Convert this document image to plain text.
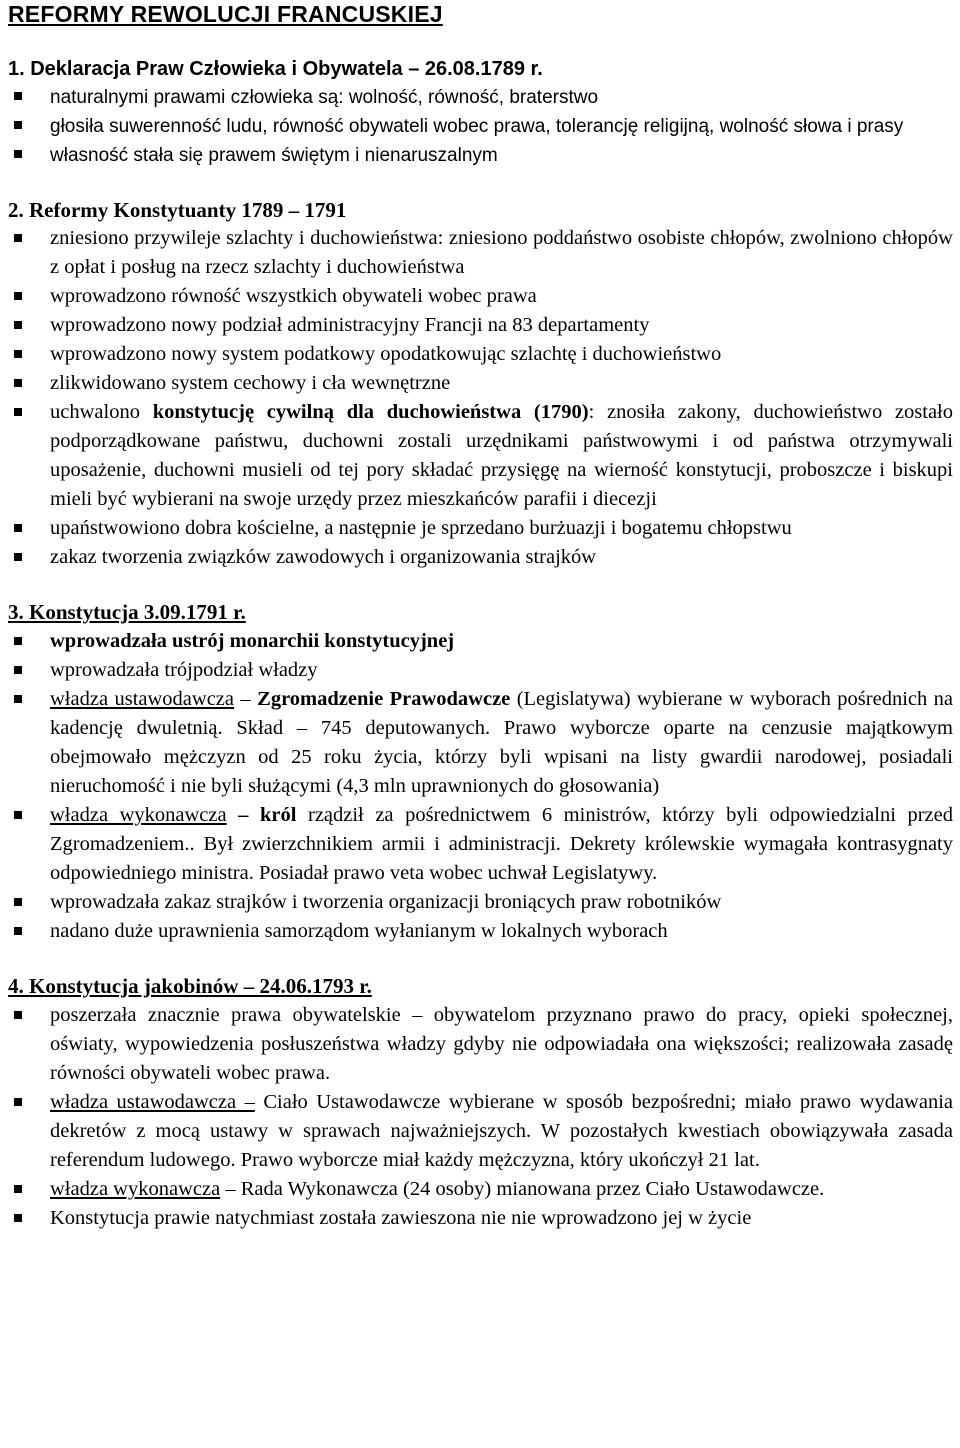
REFORMY REWOLUCJI FRANCUSKIEJ
1. Deklaracja Praw Człowieka i Obywatela – 26.08.1789 r.
naturalnymi prawami człowieka są: wolność, równość, braterstwo
głosiła suwerenność ludu, równość obywateli wobec prawa, tolerancję religijną, wolność słowa i prasy
własność stała się prawem świętym i nienaruszalnym
2. Reformy Konstytuanty 1789 – 1791
zniesiono przywileje szlachty i duchowieństwa: zniesiono poddaństwo osobiste chłopów, zwolniono chłopów z opłat i posług na rzecz szlachty i duchowieństwa
wprowadzono równość wszystkich obywateli wobec prawa
wprowadzono nowy podział administracyjny Francji na 83 departamenty
wprowadzono nowy system podatkowy opodatkowując szlachtę i duchowieństwo
zlikwidowano system cechowy i cła wewnętrzne
uchwalono konstytucję cywilną dla duchowieństwa (1790): znosiła zakony, duchowieństwo zostało podporządkowane państwu, duchowni zostali urzędnikami państwowymi i od państwa otrzymywali uposażenie, duchowni musieli od tej pory składać przysięgę na wierność konstytucji, proboszcze i biskupi mieli być wybierani na swoje urzędy przez mieszkańców parafii i diecezji
upaństwowiono dobra kościelne, a następnie je sprzedano burżuazji i bogatemu chłopstwu
zakaz tworzenia związków zawodowych i organizowania strajków
3. Konstytucja 3.09.1791 r.
wprowadzała ustrój monarchii konstytucyjnej
wprowadzała trójpodział władzy
władza ustawodawcza – Zgromadzenie Prawodawcze (Legislatywa) wybierane w wyborach pośrednich na kadencję dwuletnią. Skład – 745 deputowanych. Prawo wyborcze oparte na cenzusie majątkowym obejmowało mężczyzn od 25 roku życia, którzy byli wpisani na listy gwardii narodowej, posiadali nieruchomość i nie byli służącymi (4,3 mln uprawnionych do głosowania)
władza wykonawcza – król rządził za pośrednictwem 6 ministrów, którzy byli odpowiedzialni przed Zgromadzeniem.. Był zwierzchnikiem armii i administracji. Dekrety królewskie wymagała kontrasygnaty odpowiedniego ministra. Posiadał prawo veta wobec uchwał Legislatywy.
wprowadzała zakaz strajków i tworzenia organizacji broniących praw robotników
nadano duże uprawnienia samorządom wyłanianym w lokalnych wyborach
4. Konstytucja jakobinów – 24.06.1793 r.
poszerzała znacznie prawa obywatelskie – obywatelom przyznano prawo do pracy, opieki społecznej, oświaty, wypowiedzenia posłuszeństwa władzy gdyby nie odpowiadała ona większości; realizowała zasadę równości obywateli wobec prawa.
władza ustawodawcza – Ciało Ustawodawcze wybierane w sposób bezpośredni; miało prawo wydawania dekretów z mocą ustawy w sprawach najważniejszych. W pozostałych kwestiach obowiązywała zasada referendum ludowego. Prawo wyborcze miał każdy mężczyzna, który ukończył 21 lat.
władza wykonawcza – Rada Wykonawcza (24 osoby) mianowana przez Ciało Ustawodawcze.
Konstytucja prawie natychmiast została zawieszona nie nie wprowadzono jej w życie
